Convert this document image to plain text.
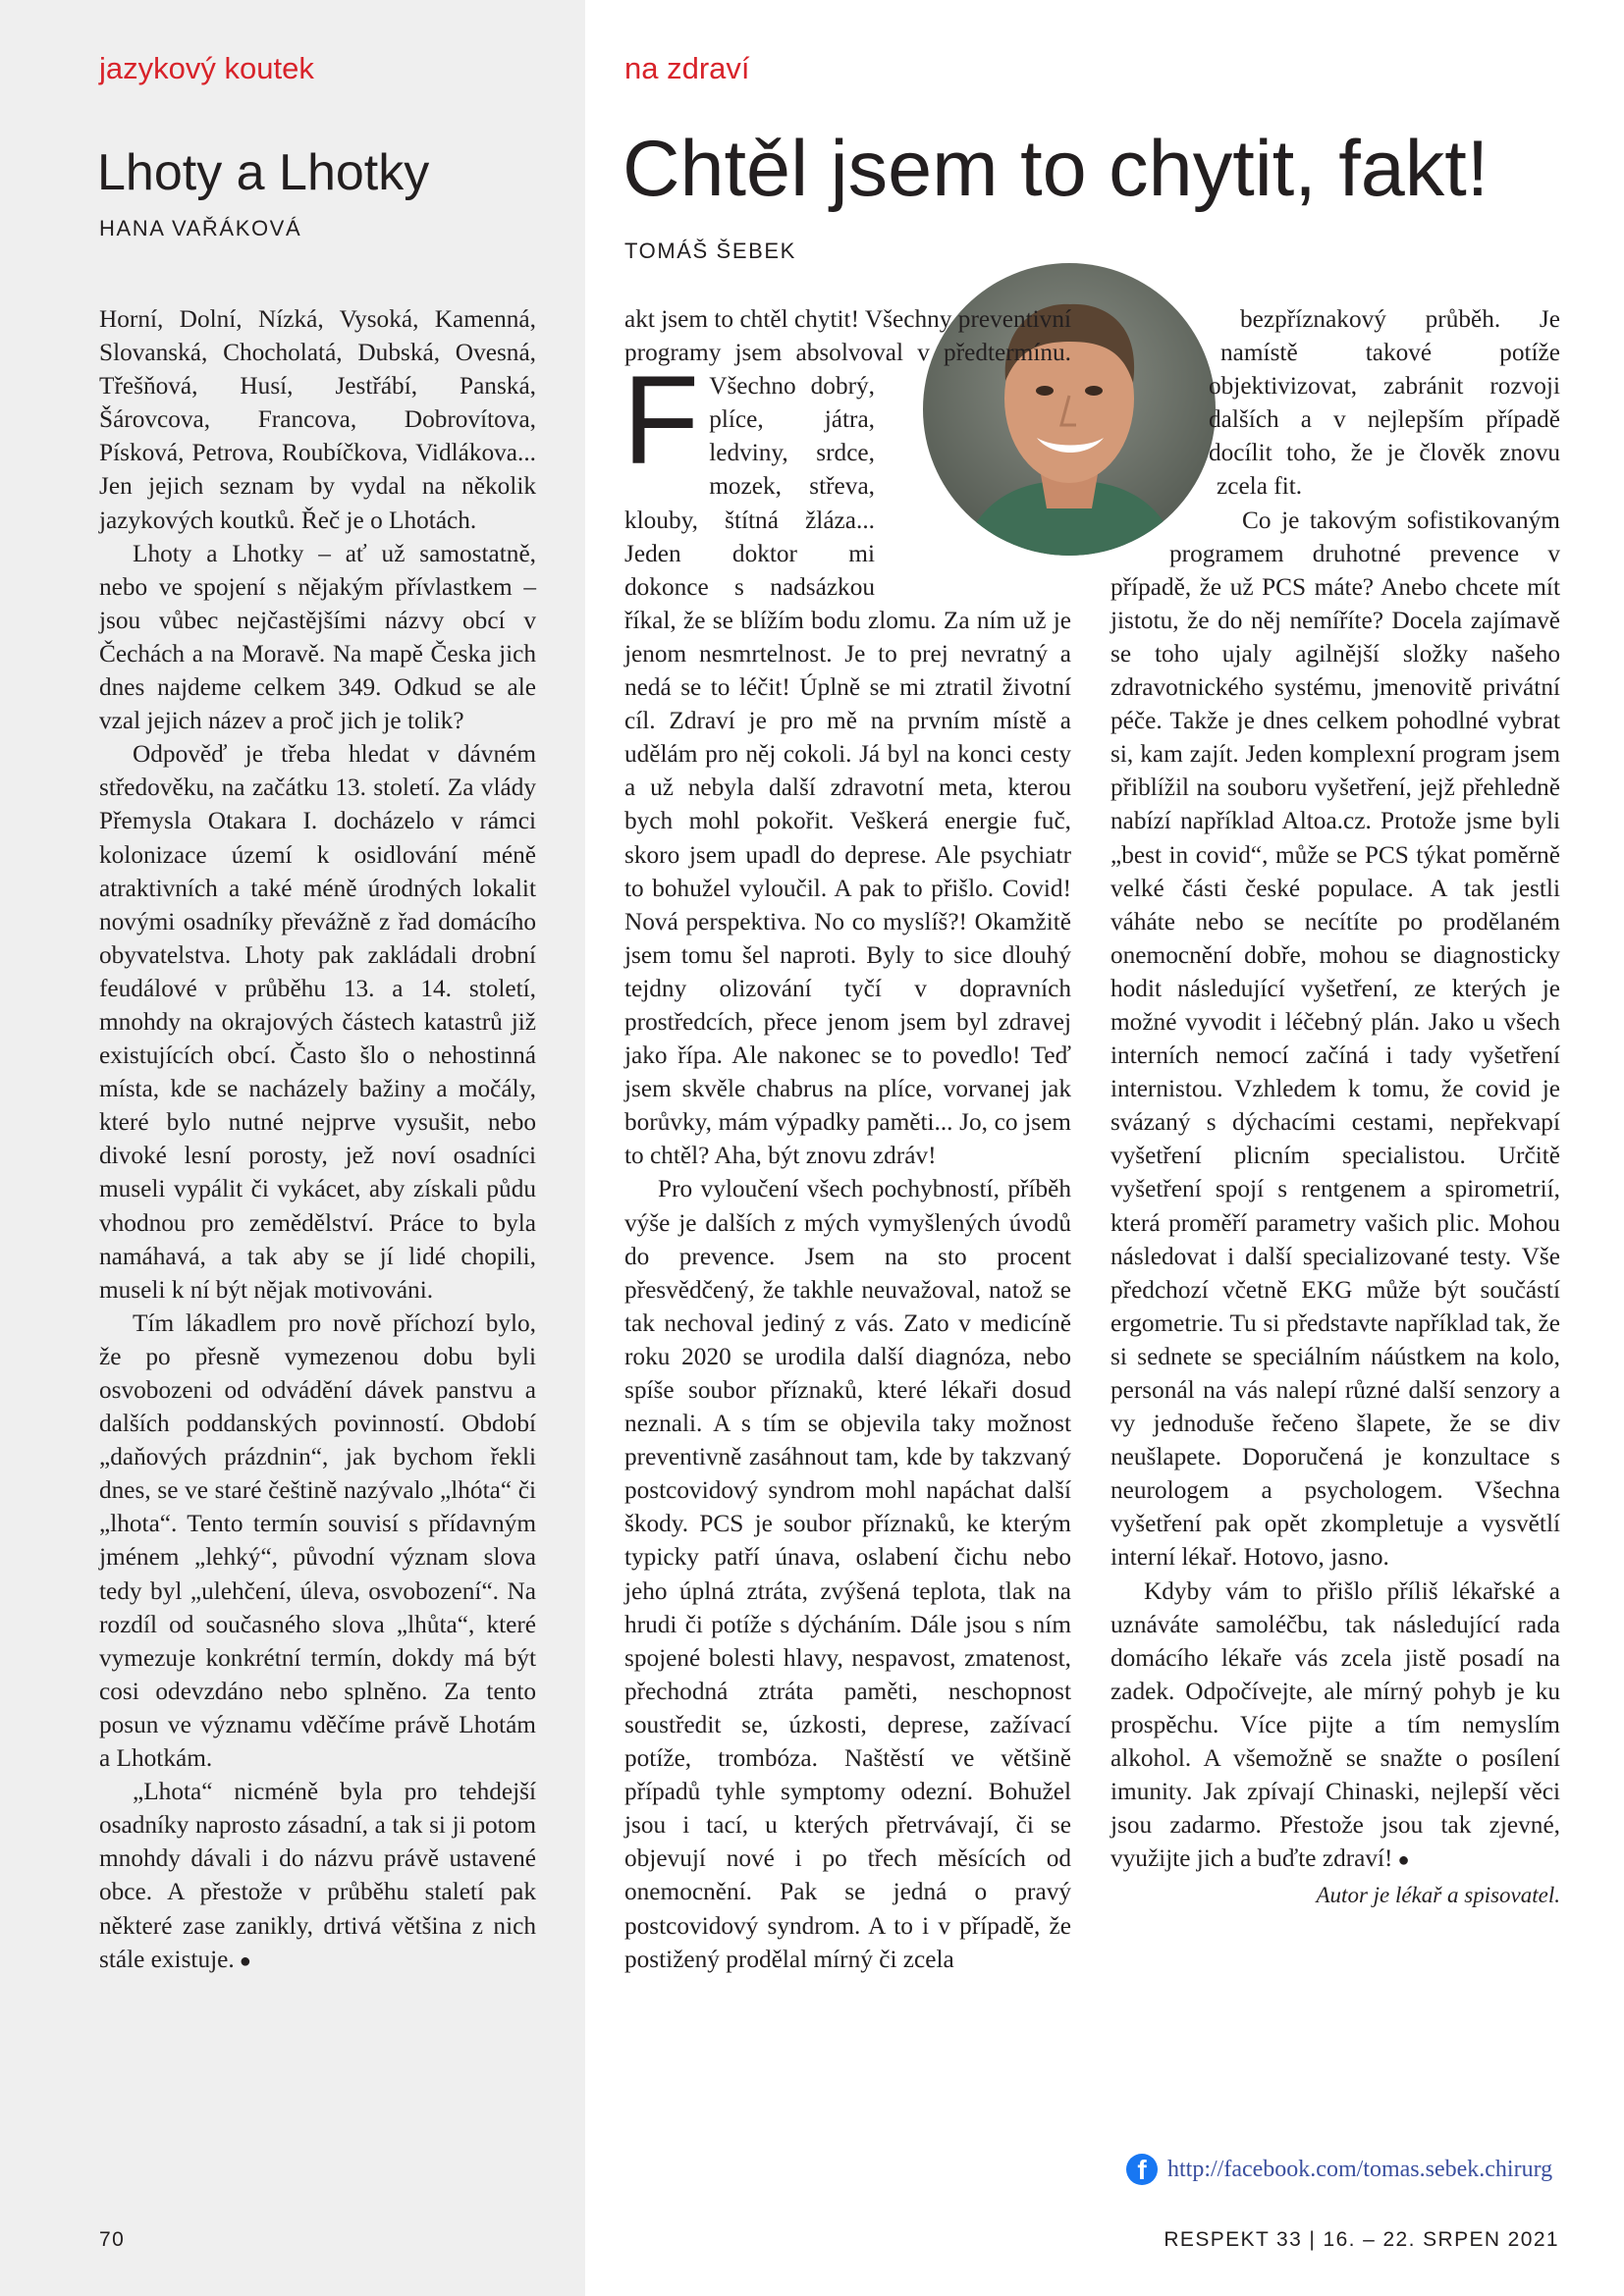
jazykový koutek
Lhoty a Lhotky
HANA VAŘÁKOVÁ

Horní, Dolní, Nízká, Vysoká, Kamenná, Slovanská, Chocholatá, Dubská, Ovesná, Třešňová, Husí, Jestřábí, Panská, Šárovcova, Francova, Dobrovítova, Písková, Petrova, Roubíčkova, Vidlákova... Jen jejich seznam by vydal na několik jazykových koutků. Řeč je o Lhotách.

Lhoty a Lhotky – ať už samostatně, nebo ve spojení s nějakým přívlastkem – jsou vůbec nejčastějšími názvy obcí v Čechách a na Moravě. Na mapě Česka jich dnes najdeme celkem 349. Odkud se ale vzal jejich název a proč jich je tolik?

Odpověď je třeba hledat v dávném středověku, na začátku 13. století. Za vlády Přemysla Otakara I. docházelo v rámci kolonizace území k osidlování méně atraktivních a také méně úrodných lokalit novými osadníky převážně z řad domácího obyvatelstva. Lhoty pak zakládali drobní feudálové v průběhu 13. a 14. století, mnohdy na okrajových částech katastrů již existujících obcí. Často šlo o nehostinná místa, kde se nacházely bažiny a močály, které bylo nutné nejprve vysušit, nebo divoké lesní porosty, jež noví osadníci museli vypálit či vykácet, aby získali půdu vhodnou pro zemědělství. Práce to byla namáhavá, a tak aby se jí lidé chopili, museli k ní být nějak motivováni.

Tím lákadlem pro nově příchozí bylo, že po přesně vymezenou dobu byli osvobozeni od odvádění dávek panstvu a dalších poddanských povinností. Období „daňových prázdnin“, jak bychom řekli dnes, se ve staré češtině nazývalo „lhóta“ či „lhota“. Tento termín souvisí s přídavným jménem „lehký“, původní význam slova tedy byl „ulehčení, úleva, osvobození“. Na rozdíl od současného slova „lhůta“, které vymezuje konkrétní termín, dokdy má být cosi odevzdáno nebo splněno. Za tento posun ve významu vděčíme právě Lhotám a Lhotkám.

„Lhota“ nicméně byla pro tehdejší osadníky naprosto zásadní, a tak si ji potom mnohdy dávali i do názvu právě ustavené obce. A přestože v průběhu staletí pak některé zase zanikly, drtivá většina z nich stále existuje. ●

na zdraví
Chtěl jsem to chytit, fakt!
TOMÁŠ ŠEBEK

F
akt jsem to chtěl chytit! Všechny preventivní programy jsem absolvoval v předtermínu. Všechno dobrý, plíce, játra, ledviny, srdce, mozek, střeva, klouby, štítná žláza... Jeden doktor mi dokonce s nadsázkou říkal, že se blížím bodu zlomu. Za ním už je jenom nesmrtelnost. Je to prej nevratný a nedá se to léčit! Úplně se mi ztratil životní cíl. Zdraví je pro mě na prvním místě a udělám pro něj cokoli. Já byl na konci cesty a už nebyla další zdravotní meta, kterou bych mohl pokořit. Veškerá energie fuč, skoro jsem upadl do deprese. Ale psychiatr to bohužel vyloučil. A pak to přišlo. Covid! Nová perspektiva. No co myslíš?! Okamžitě jsem tomu šel naproti. Byly to sice dlouhý tejdny olizování tyčí v dopravních prostředcích, přece jenom jsem byl zdravej jako řípa. Ale nakonec se to povedlo! Teď jsem skvěle chabrus na plíce, vorvanej jak borůvky, mám výpadky paměti... Jo, co jsem to chtěl? Aha, být znovu zdráv!

Pro vyloučení všech pochybností, příběh výše je dalších z mých vymyšlených úvodů do prevence. Jsem na sto procent přesvědčený, že takhle neuvažoval, natož se tak nechoval jediný z vás. Zato v medicíně roku 2020 se urodila další diagnóza, nebo spíše soubor příznaků, které lékaři dosud neznali. A s tím se objevila taky možnost preventivně zasáhnout tam, kde by takzvaný postcovidový syndrom mohl napáchat další škody. PCS je soubor příznaků, ke kterým typicky patří únava, oslabení čichu nebo jeho úplná ztráta, zvýšená teplota, tlak na hrudi či potíže s dýcháním. Dále jsou s ním spojené bolesti hlavy, nespavost, zmatenost, přechodná ztráta paměti, neschopnost soustředit se, úzkosti, deprese, zažívací potíže, trombóza. Naštěstí ve většině případů tyhle symptomy odezní. Bohužel jsou i tací, u kterých přetrvávají, či se objevují nové i po třech měsících od onemocnění. Pak se jedná o pravý postcovidový syndrom. A to i v případě, že postižený prodělal mírný či zcela

bezpříznakový průběh. Je namístě takové potíže objektivizovat, zabránit rozvoji dalších a v nejlepším případě docílit toho, že je člověk znovu zcela fit.

Co je takovým sofistikovaným programem druhotné prevence v případě, že už PCS máte? Anebo chcete mít jistotu, že do něj nemíříte? Docela zajímavě se toho ujaly agilnější složky našeho zdravotnického systému, jmenovitě privátní péče. Takže je dnes celkem pohodlné vybrat si, kam zajít. Jeden komplexní program jsem přiblížil na souboru vyšetření, jejž přehledně nabízí například Altoa.cz. Protože jsme byli „best in covid“, může se PCS týkat poměrně velké části české populace. A tak jestli váháte nebo se necítíte po prodělaném onemocnění dobře, mohou se diagnosticky hodit následující vyšetření, ze kterých je možné vyvodit i léčebný plán. Jako u všech interních nemocí začíná i tady vyšetření internistou. Vzhledem k tomu, že covid je svázaný s dýchacími cestami, nepřekvapí vyšetření plicním specialistou. Určitě vyšetření spojí s rentgenem a spirometrií, která proměří parametry vašich plic. Mohou následovat i další specializované testy. Vše předchozí včetně EKG může být součástí ergometrie. Tu si představte například tak, že si sednete se speciálním náústkem na kolo, personál na vás nalepí různé další senzory a vy jednoduše řečeno šlapete, že se div neušlapete. Doporučená je konzultace s neurologem a psychologem. Všechna vyšetření pak opět zkompletuje a vysvětlí interní lékař. Hotovo, jasno.

Kdyby vám to přišlo příliš lékařské a uznáváte samoléčbu, tak následující rada domácího lékaře vás zcela jistě posadí na zadek. Odpočívejte, ale mírný pohyb je ku prospěchu. Více pijte a tím nemyslím alkohol. A všemožně se snažte o posílení imunity. Jak zpívají Chinaski, nejlepší věci jsou zadarmo. Přestože jsou tak zjevné, využijte jich a buďte zdraví! ●

Autor je lékař a spisovatel.

f http://facebook.com/tomas.sebek.chirurg
70	RESPEKT 33 | 16. – 22. SRPEN 2021
